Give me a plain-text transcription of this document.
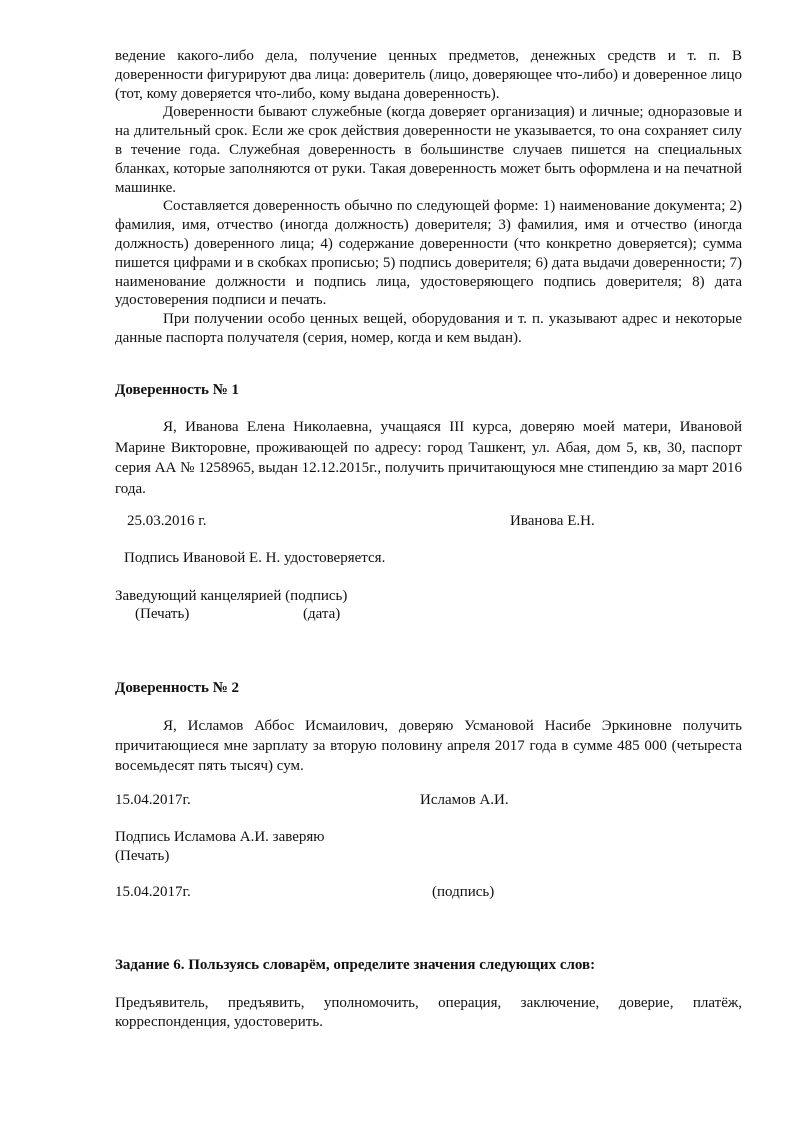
ведение какого-либо дела, получение ценных предметов, денежных средств и т. п. В доверенности фигурируют два лица: доверитель (лицо, доверяющее что-либо) и доверенное лицо (тот, кому доверяется что-либо, кому выдана доверенность).

Доверенности бывают служебные (когда доверяет организация) и личные; одноразовые и на длительный срок. Если же срок действия доверенности не указывается, то она сохраняет силу в течение года. Служебная доверенность в большинстве случаев пишется на специальных бланках, которые заполняются от руки. Такая доверенность может быть оформлена и на печатной машинке.

Составляется доверенность обычно по следующей форме: 1) наименование документа; 2) фамилия, имя, отчество (иногда должность) доверителя; 3) фамилия, имя и отчество (иногда должность) доверенного лица; 4) содержание доверенности (что конкретно доверяется); сумма пишется цифрами и в скобках прописью; 5) подпись доверителя; 6) дата выдачи доверенности; 7) наименование должности и подпись лица, удостоверяющего подпись доверителя; 8) дата удостоверения подписи и печать.

При получении особо ценных вещей, оборудования и т. п. указывают адрес и некоторые данные паспорта получателя (серия, номер, когда и кем выдан).

Доверенность № 1

Я, Иванова Елена Николаевна, учащаяся III курса, доверяю моей матери, Ивановой Марине Викторовне, проживающей по адресу: город Ташкент, ул. Абая, дом 5, кв, 30, паспорт серия АА № 1258965, выдан 12.12.2015г., получить причитающуюся мне стипендию за март 2016 года.

25.03.2016 г.	Иванова Е.Н.
Подпись Ивановой Е. Н. удостоверяется.
Заведующий канцелярией (подпись)
(Печать)	(дата)
Доверенность № 2

Я, Исламов Аббос Исмаилович, доверяю Усмановой Насибе Эркиновне получить причитающиеся мне зарплату за вторую половину апреля 2017 года в сумме 485 000 (четыреста восемьдесят пять тысяч) сум.

15.04.2017г.	Исламов А.И.
Подпись Исламова А.И. заверяю
(Печать)
15.04.2017г.	(подпись)
Задание 6. Пользуясь словарём, определите значения следующих слов:

Предъявитель, предъявить, уполномочить, операция, заключение, доверие, платёж, корреспонденция, удостоверить.
